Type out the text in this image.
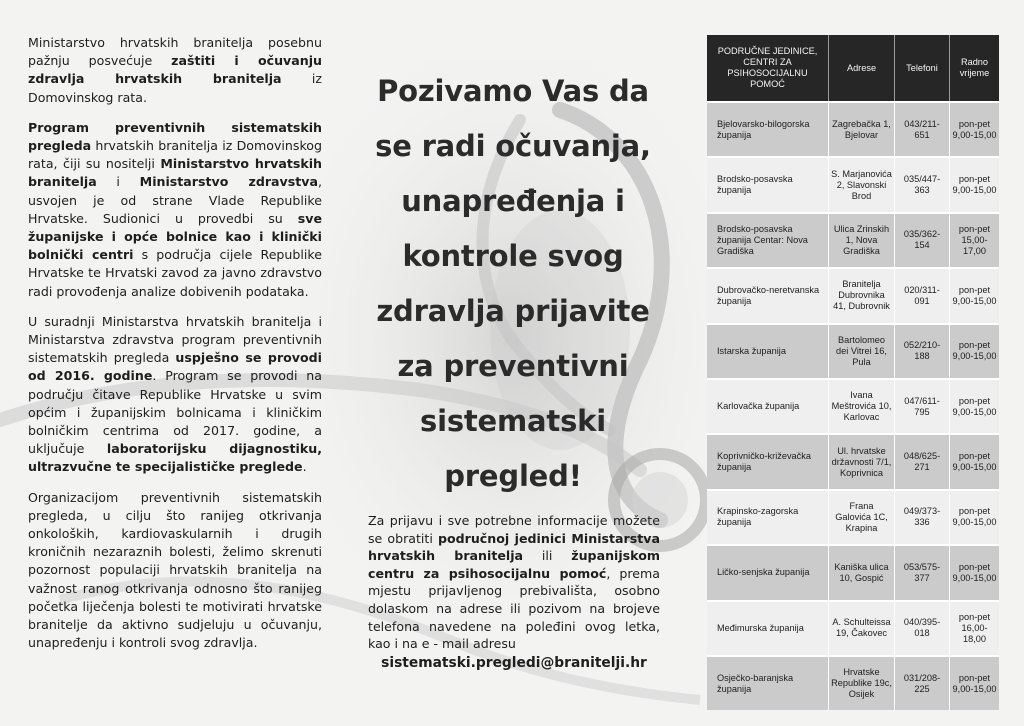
Ministarstvo hrvatskih branitelja posebnu pažnju posvećuje zaštiti i očuvanju zdravlja hrvatskih branitelja iz Domovinskog rata.

Program preventivnih sistematskih pregleda hrvatskih branitelja iz Domovinskog rata, čiji su nositelji Ministarstvo hrvatskih branitelja i Ministarstvo zdravstva, usvojen je od strane Vlade Republike Hrvatske. Sudionici u provedbi su sve županijske i opće bolnice kao i klinički bolnički centri s područja cijele Republike Hrvatske te Hrvatski zavod za javno zdravstvo radi provođenja analize dobivenih podataka.

U suradnji Ministarstva hrvatskih branitelja i Ministarstva zdravstva program preventivnih sistematskih pregleda uspješno se provodi od 2016. godine. Program se provodi na području čitave Republike Hrvatske u svim općim i županijskim bolnicama i kliničkim bolničkim centrima od 2017. godine, a uključuje laboratorijsku dijagnostiku, ultrazvučne te specijalističke preglede.

Organizacijom preventivnih sistematskih pregleda, u cilju što ranijeg otkrivanja onkoloških, kardiovaskularnih i drugih kroničnih nezaraznih bolesti, želimo skrenuti pozornost populaciji hrvatskih branitelja na važnost ranog otkrivanja odnosno što ranijeg početka liječenja bolesti te motivirati hrvatske branitelje da aktivno sudjeluju u očuvanju, unapređenju i kontroli svog zdravlja.

Pozivamo Vas da
se radi očuvanja,
unapređenja i
kontrole svog
zdravlja prijavite
za preventivni
sistematski
pregled!
Za prijavu i sve potrebne informacije možete se obratiti područnoj jedinici Ministarstva hrvatskih branitelja ili županijskom centru za psihosocijalnu pomoć, prema mjestu prijavljenog prebivališta, osobno dolaskom na adrese ili pozivom na brojeve telefona navedene na poleđini ovog letka, kao i na e - mail adresu
sistematski.pregledi@branitelji.hr
PODRUČNE JEDINICE, CENTRI ZA PSIHOSOCIJALNU POMOĆ
Adrese	Telefoni
Radno vrijeme
Bjelovarsko-bilogorska županija
Zagrebačka 1, Bjelovar
043/211-651
pon-pet 9,00-15,00
Brodsko-posavska županija
S. Marjanovića 2, Slavonski Brod
035/447-363
pon-pet 9,00-15,00
Brodsko-posavska županija Centar: Nova Gradiška
Ulica Zrinskih 1, Nova Gradiška
035/362-154
pon-pet 15,00-17,00
Dubrovačko-neretvanska županija
Branitelja Dubrovnika 41, Dubrovnik
020/311-091
pon-pet 9,00-15,00
Istarska županija
Bartolomeo dei Vitrei 16, Pula
052/210-188
pon-pet 9,00-15,00
Karlovačka županija
Ivana Meštrovića 10, Karlovac
047/611-795
pon-pet 9,00-15,00
Koprivničko-križevačka županija
Ul. hrvatske državnosti 7/1, Koprivnica
048/625-271
pon-pet 9,00-15,00
Krapinsko-zagorska županija
Frana Galovića 1C, Krapina
049/373-336
pon-pet 9,00-15,00
Ličko-senjska županija
Kaniška ulica 10, Gospić
053/575-377
pon-pet 9,00-15,00
Međimurska županija
A. Schulteissa 19, Čakovec
040/395-018
pon-pet 16,00-18,00
Osječko-baranjska županija
Hrvatske Republike 19c, Osijek
031/208-225
pon-pet 9,00-15,00
